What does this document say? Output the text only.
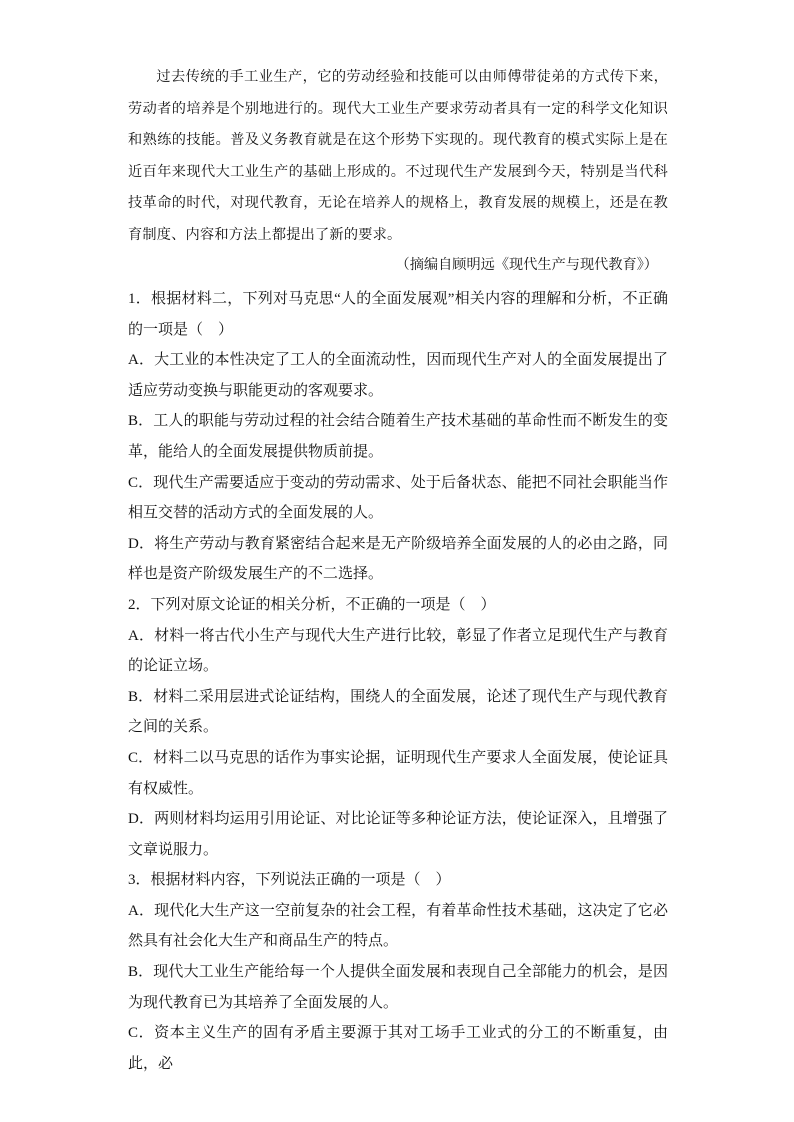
过去传统的手工业生产，它的劳动经验和技能可以由师傅带徒弟的方式传下来，劳动者的培养是个别地进行的。现代大工业生产要求劳动者具有一定的科学文化知识和熟练的技能。普及义务教育就是在这个形势下实现的。现代教育的模式实际上是在近百年来现代大工业生产的基础上形成的。不过现代生产发展到今天，特别是当代科技革命的时代，对现代教育，无论在培养人的规格上，教育发展的规模上，还是在教育制度、内容和方法上都提出了新的要求。

（摘编自顾明远《现代生产与现代教育》）

1．根据材料二，下列对马克思“人的全面发展观”相关内容的理解和分析，不正确的一项是（　）

A．大工业的本性决定了工人的全面流动性，因而现代生产对人的全面发展提出了适应劳动变换与职能更动的客观要求。

B．工人的职能与劳动过程的社会结合随着生产技术基础的革命性而不断发生的变革，能给人的全面发展提供物质前提。

C．现代生产需要适应于变动的劳动需求、处于后备状态、能把不同社会职能当作相互交替的活动方式的全面发展的人。

D．将生产劳动与教育紧密结合起来是无产阶级培养全面发展的人的必由之路，同样也是资产阶级发展生产的不二选择。

2．下列对原文论证的相关分析，不正确的一项是（　）

A．材料一将古代小生产与现代大生产进行比较，彰显了作者立足现代生产与教育的论证立场。

B．材料二采用层进式论证结构，围绕人的全面发展，论述了现代生产与现代教育之间的关系。

C．材料二以马克思的话作为事实论据，证明现代生产要求人全面发展，使论证具有权威性。

D．两则材料均运用引用论证、对比论证等多种论证方法，使论证深入，且增强了文章说服力。

3．根据材料内容，下列说法正确的一项是（　）

A．现代化大生产这一空前复杂的社会工程，有着革命性技术基础，这决定了它必然具有社会化大生产和商品生产的特点。

B．现代大工业生产能给每一个人提供全面发展和表现自己全部能力的机会，是因为现代教育已为其培养了全面发展的人。

C．资本主义生产的固有矛盾主要源于其对工场手工业式的分工的不断重复，由此，必
